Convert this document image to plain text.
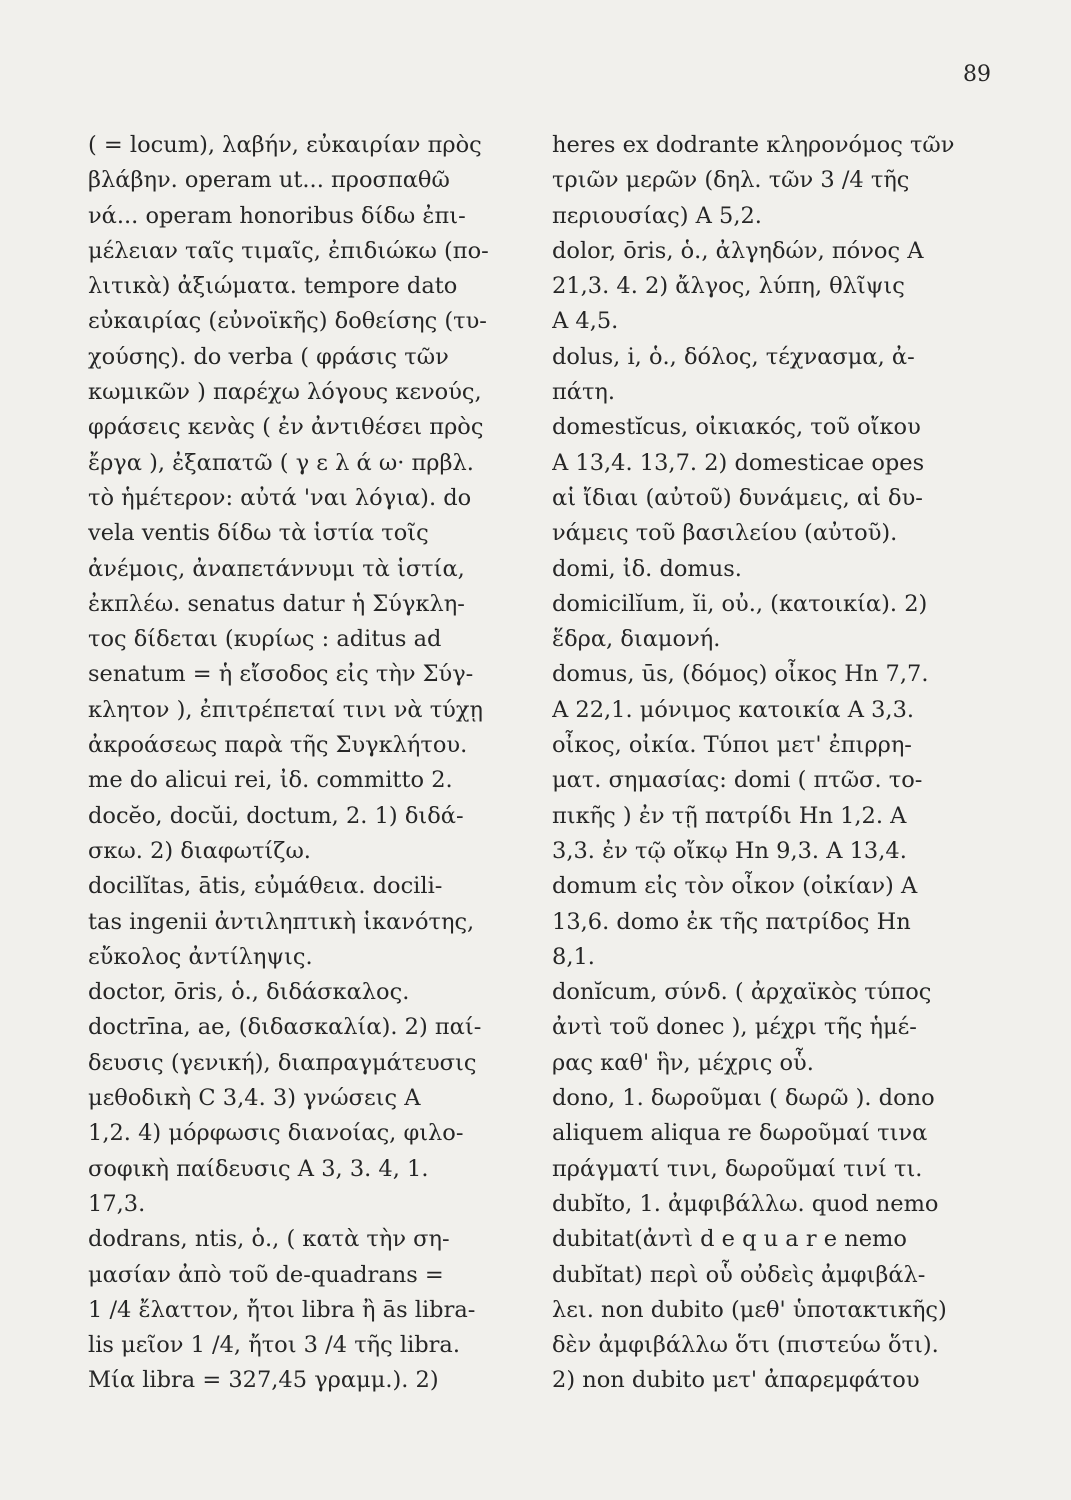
89
( = locum), λαβήν, εὐκαιρίαν πρὸς
βλάβην. operam ut... προσπαθῶ
νά... operam honoribus δίδω ἐπι-
μέλειαν ταῖς τιμαῖς, ἐπιδιώκω (πο-
λιτικὰ) ἀξιώματα. tempore dato
εὐκαιρίας (εὐνοϊκῆς) δοθείσης (τυ-
χούσης). do verba ( φράσις τῶν
κωμικῶν ) παρέχω λόγους κενούς,
φράσεις κενὰς ( ἐν ἀντιθέσει πρὸς
ἔργα ), ἐξαπατῶ ( γ ε λ ά ω· πρβλ.
τὸ ἡμέτερον: αὐτά 'ναι λόγια). do
vela ventis δίδω τὰ ἱστία τοῖς
ἀνέμοις, ἀναπετάννυμι τὰ ἱστία,
ἐκπλέω. senatus datur ἡ Σύγκλη-
τος δίδεται (κυρίως : aditus ad
senatum = ἡ εἴσοδος εἰς τὴν Σύγ-
κλητον ), ἐπιτρέπεταί τινι νὰ τύχῃ
ἀκροάσεως παρὰ τῆς Συγκλήτου.
me do alicui rei, ἰδ. committo 2.
docĕo, docŭi, doctum, 2. 1) διδά-
σκω. 2) διαφωτίζω.
docilĭtas, ātis, εὐμάθεια. docili-
tas ingenii ἀντιληπτικὴ ἱκανότης,
εὔκολος ἀντίληψις.
doctor, ōris, ὁ., διδάσκαλος.
doctrīna, ae, (διδασκαλία). 2) παί-
δευσις (γενική), διαπραγμάτευσις
μεθοδικὴ C 3,4. 3) γνώσεις A
1,2. 4) μόρφωσις διανοίας, φιλο-
σοφικὴ παίδευσις A 3, 3. 4, 1.
17,3.
dodrans, ntis, ὁ., ( κατὰ τὴν ση-
μασίαν ἀπὸ τοῦ de-quadrans =
1 /4 ἔλαττον, ἤτοι libra ἢ ās libra-
lis μεῖον 1 /4, ἤτοι 3 /4 τῆς libra.
Μία libra = 327,45 γραμμ.). 2)
heres ex dodrante κληρονόμος τῶν
τριῶν μερῶν (δηλ. τῶν 3 /4 τῆς
περιουσίας) A 5,2.
dolor, ōris, ὁ., ἀλγηδών, πόνος A
21,3. 4. 2) ἄλγος, λύπη, θλῖψις
A 4,5.
dolus, i, ὁ., δόλος, τέχνασμα, ἀ-
πάτη.
domestĭcus, οἰκιακός, τοῦ οἴκου
A 13,4. 13,7. 2) domesticae opes
αἱ ἴδιαι (αὐτοῦ) δυνάμεις, αἱ δυ-
νάμεις τοῦ βασιλείου (αὐτοῦ).
domi, ἰδ. domus.
domicilĭum, ĭi, οὐ., (κατοικία). 2)
ἕδρα, διαμονή.
domus, ūs, (δόμος) οἶκος Hn 7,7.
A 22,1. μόνιμος κατοικία A 3,3.
οἶκος, οἰκία. Τύποι μετ' ἐπιρρη-
ματ. σημασίας: domi ( πτῶσ. το-
πικῆς ) ἐν τῇ πατρίδι Hn 1,2. A
3,3. ἐν τῷ οἴκῳ Hn 9,3. A 13,4.
domum εἰς τὸν οἶκον (οἰκίαν) A
13,6. domo ἐκ τῆς πατρίδος Hn
8,1.
donĭcum, σύνδ. ( ἀρχαϊκὸς τύπος
ἀντὶ τοῦ donec ), μέχρι τῆς ἡμέ-
ρας καθ' ἣν, μέχρις οὗ.
dono, 1. δωροῦμαι ( δωρῶ ). dono
aliquem aliqua re δωροῦμαί τινα
πράγματί τινι, δωροῦμαί τινί τι.
dubĭto, 1. ἀμφιβάλλω. quod nemo
dubitat(ἀντὶ d e q u a r e nemo
dubĭtat) περὶ οὗ οὐδεὶς ἀμφιβάλ-
λει. non dubito (μεθ' ὑποτακτικῆς)
δὲν ἀμφιβάλλω ὅτι (πιστεύω ὅτι).
2) non dubito μετ' ἀπαρεμφάτου
